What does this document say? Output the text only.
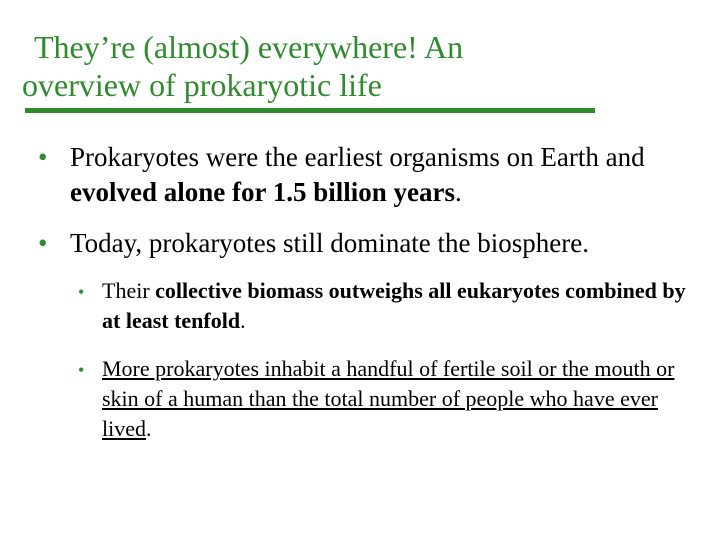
They’re (almost) everywhere! An
overview of prokaryotic life
• Prokaryotes were the earliest organisms on Earth and evolved alone for 1.5 billion years.
• Today, prokaryotes still dominate the biosphere.
• Their collective biomass outweighs all eukaryotes combined by at least tenfold.
• More prokaryotes inhabit a handful of fertile soil or the mouth or skin of a human than the total number of people who have ever lived.
